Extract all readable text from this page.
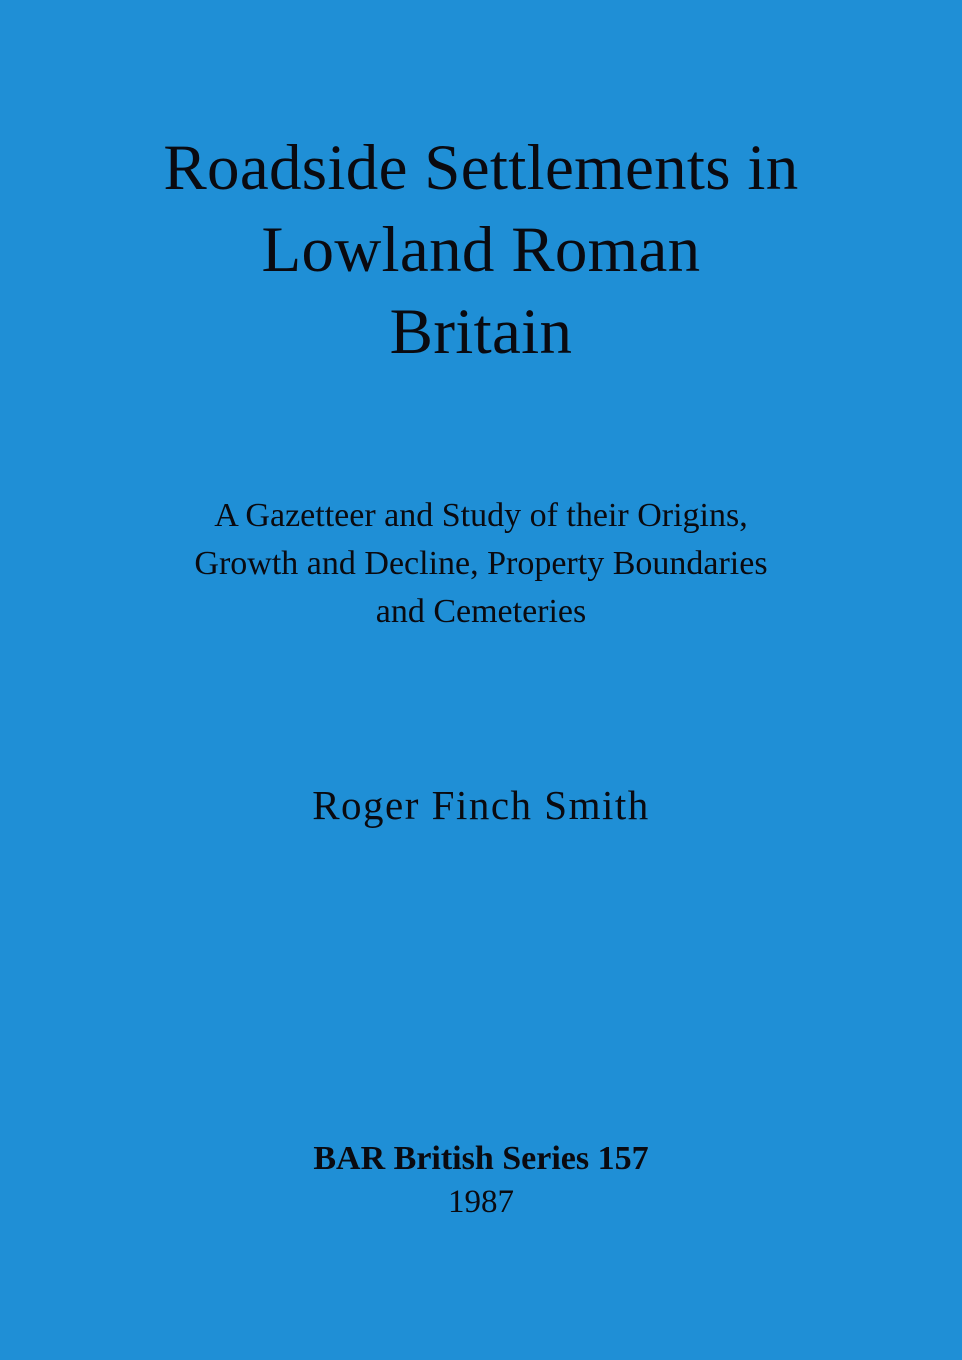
Roadside Settlements in
Lowland Roman
Britain
A Gazetteer and Study of their Origins,
Growth and Decline, Property Boundaries
and Cemeteries
Roger Finch Smith
BAR British Series 157
1987
